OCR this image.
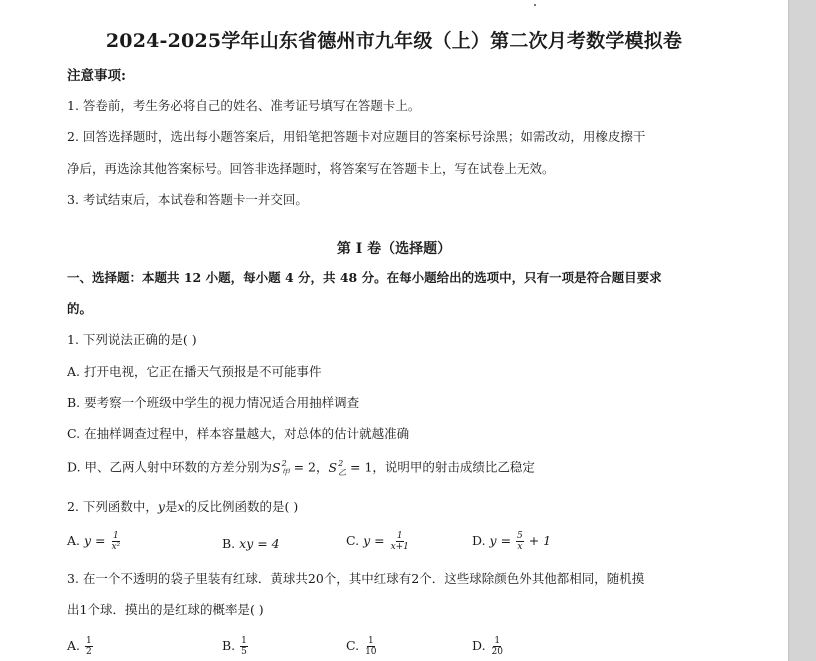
2024-2025学年山东省德州市九年级（上）第二次月考数学模拟卷
注意事项:
1. 答卷前，考生务必将自己的姓名、准考证号填写在答题卡上。
2. 回答选择题时，选出每小题答案后，用铅笔把答题卡对应题目的答案标号涂黑；如需改动，用橡皮擦干
净后，再选涂其他答案标号。回答非选择题时，将答案写在答题卡上，写在试卷上无效。
3. 考试结束后，本试卷和答题卡一并交回。
第 I 卷（选择题）
一、选择题：本题共 12 小题，每小题 4 分，共 48 分。在每小题给出的选项中，只有一项是符合题目要求
的。
1. 下列说法正确的是( )
A. 打开电视，它正在播天气预报是不可能事件
B. 要考察一个班级中学生的视力情况适合用抽样调查
C. 在抽样调查过程中，样本容量越大，对总体的估计就越准确
D. 甲、乙两人射中环数的方差分别为S 2
甲 = 2，S 2
乙 = 1，说明甲的射击成绩比乙稳定
2. 下列函数中，y是x的反比例函数的是( )
A. $y = \frac{1}{\text{x²}}$	B. xy = 4	C. $y = \frac{1}{x+1}$	D. $y = \frac{5}{x} + 1$
3. 在一个不透明的袋子里装有红球．黄球共20个，其中红球有2个．这些球除颜色外其他都相同，随机摸
出1个球．摸出的是红球的概率是( )
A. $\frac{1}{2}$	B. $\frac{1}{5}$	C. $\frac{1}{10}$	D. $\frac{1}{20}$
